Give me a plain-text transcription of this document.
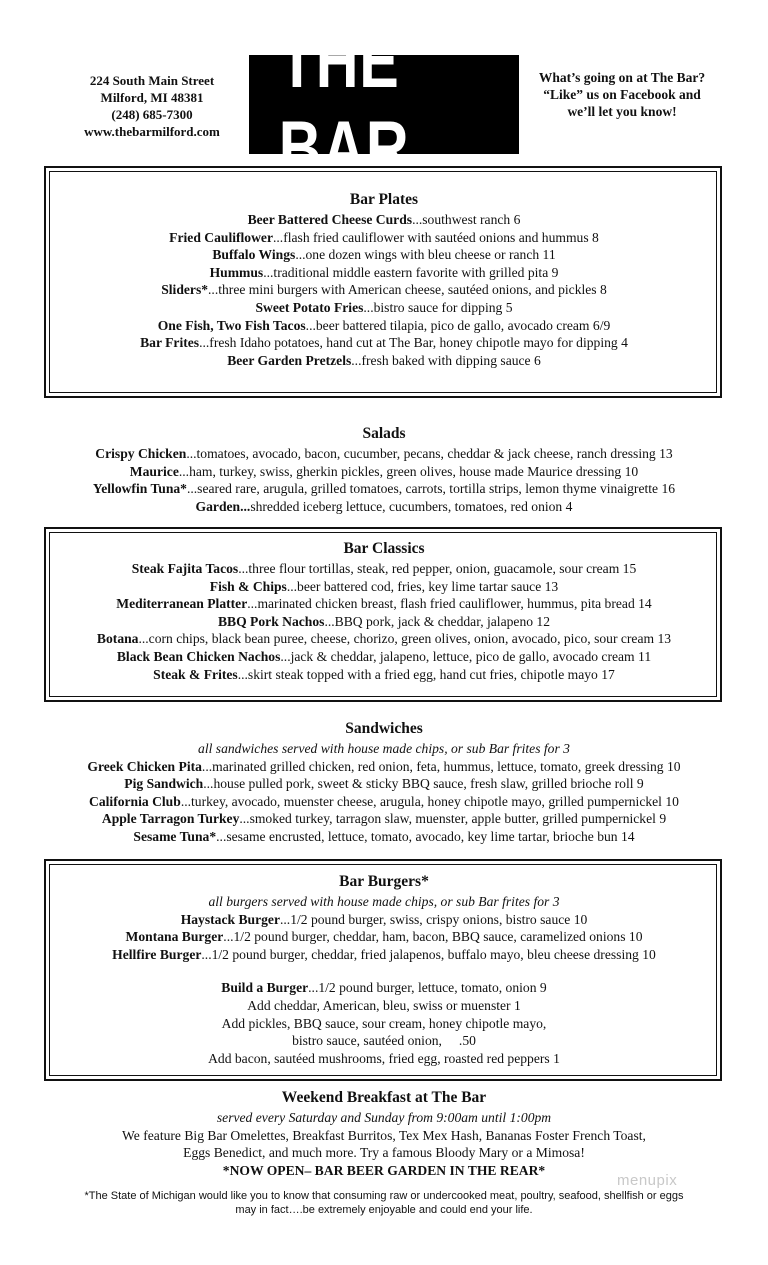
224 South Main Street
Milford, MI 48381
(248) 685-7300
www.thebarmilford.com
THE BAR
What’s going on at The Bar?
“Like” us on Facebook and
we’ll let you know!
Bar Plates
Beer Battered Cheese Curds...southwest ranch 6
Fried Cauliflower...flash fried cauliflower with sautéed onions and hummus 8
Buffalo Wings...one dozen wings with bleu cheese or ranch 11
Hummus...traditional middle eastern favorite with grilled pita 9
Sliders*...three mini burgers with American cheese, sautéed onions, and pickles 8
Sweet Potato Fries...bistro sauce for dipping 5
One Fish, Two Fish Tacos...beer battered tilapia, pico de gallo, avocado cream 6/9
Bar Frites...fresh Idaho potatoes, hand cut at The Bar, honey chipotle mayo for dipping 4
Beer Garden Pretzels...fresh baked with dipping sauce 6
Salads
Crispy Chicken...tomatoes, avocado, bacon, cucumber, pecans, cheddar & jack cheese, ranch dressing 13
Maurice...ham, turkey, swiss, gherkin pickles, green olives, house made Maurice dressing 10
Yellowfin Tuna*...seared rare, arugula, grilled tomatoes, carrots, tortilla strips, lemon thyme vinaigrette 16
Garden...shredded iceberg lettuce, cucumbers, tomatoes, red onion 4
Bar Classics
Steak Fajita Tacos...three flour tortillas, steak, red pepper, onion, guacamole, sour cream 15
Fish & Chips...beer battered cod, fries, key lime tartar sauce 13
Mediterranean Platter...marinated chicken breast, flash fried cauliflower, hummus, pita bread 14
BBQ Pork Nachos...BBQ pork, jack & cheddar, jalapeno 12
Botana...corn chips, black bean puree, cheese, chorizo, green olives, onion, avocado, pico, sour cream 13
Black Bean Chicken Nachos...jack & cheddar, jalapeno, lettuce, pico de gallo, avocado cream 11
Steak & Frites...skirt steak topped with a fried egg, hand cut fries, chipotle mayo 17
Sandwiches
all sandwiches served with house made chips, or sub Bar frites for 3
Greek Chicken Pita...marinated grilled chicken, red onion, feta, hummus, lettuce, tomato, greek dressing 10
Pig Sandwich...house pulled pork, sweet & sticky BBQ sauce, fresh slaw, grilled brioche roll 9
California Club...turkey, avocado, muenster cheese, arugula, honey chipotle mayo, grilled pumpernickel 10
Apple Tarragon Turkey...smoked turkey, tarragon slaw, muenster, apple butter, grilled pumpernickel 9
Sesame Tuna*...sesame encrusted, lettuce, tomato, avocado, key lime tartar, brioche bun 14
Bar Burgers*
all burgers served with house made chips, or sub Bar frites for 3
Haystack Burger...1/2 pound burger, swiss, crispy onions, bistro sauce 10
Montana Burger...1/2 pound burger, cheddar, ham, bacon, BBQ sauce, caramelized onions 10
Hellfire Burger...1/2 pound burger, cheddar, fried jalapenos, buffalo mayo, bleu cheese dressing 10
Build a Burger...1/2 pound burger, lettuce, tomato, onion 9
Add cheddar, American, bleu, swiss or muenster 1
Add pickles, BBQ sauce, sour cream, honey chipotle mayo,
bistro sauce, sautéed onion,     .50
Add bacon, sautéed mushrooms, fried egg, roasted red peppers 1
Weekend Breakfast at The Bar
served every Saturday and Sunday from 9:00am until 1:00pm
We feature Big Bar Omelettes, Breakfast Burritos, Tex Mex Hash, Bananas Foster French Toast,
Eggs Benedict, and much more. Try a famous Bloody Mary or a Mimosa!
*NOW OPEN– BAR BEER GARDEN IN THE REAR*
menupix
*The State of Michigan would like you to know that consuming raw or undercooked meat, poultry, seafood, shellfish or eggs
may in fact….be extremely enjoyable and could end your life.
